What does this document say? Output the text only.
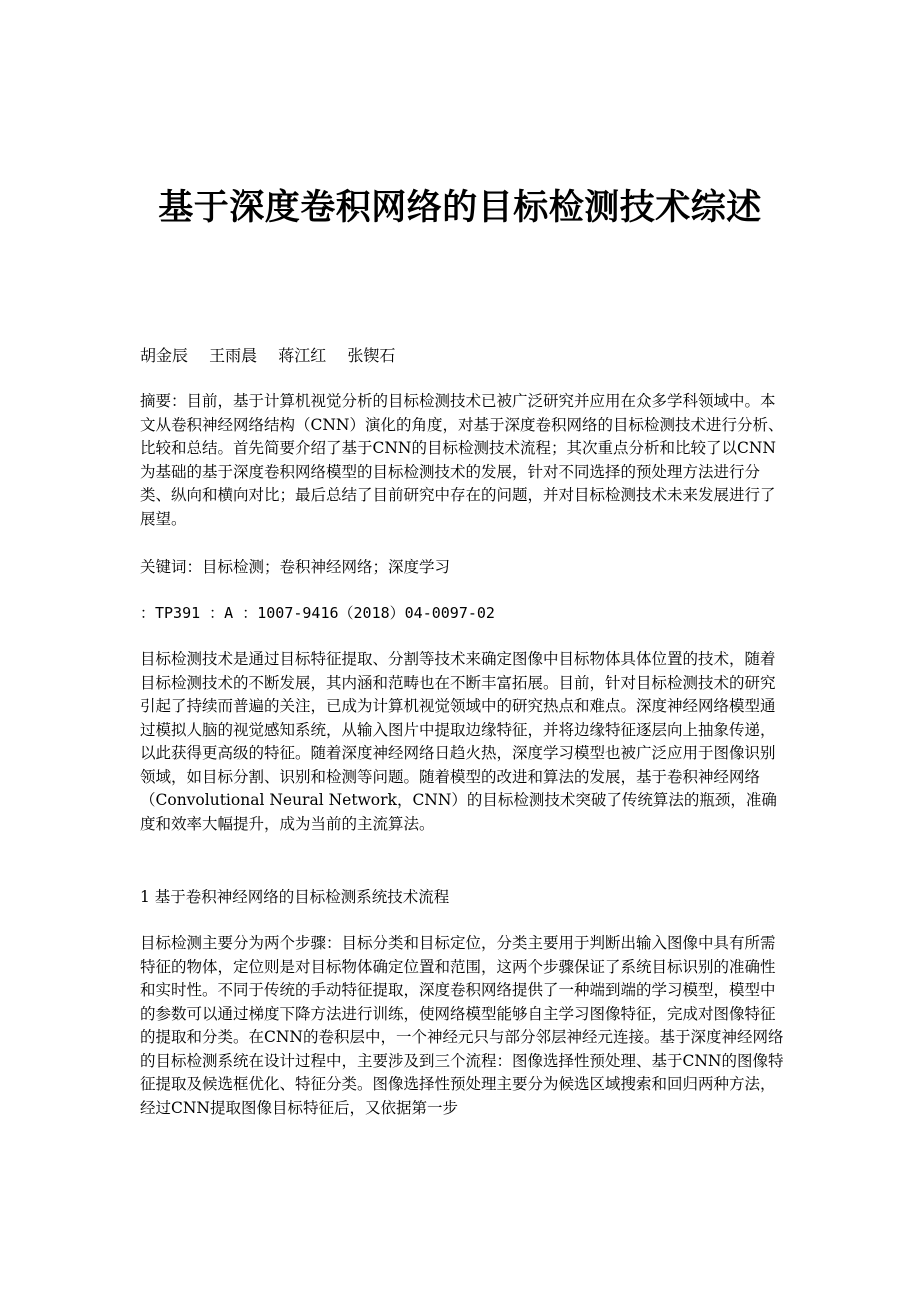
基于深度卷积网络的目标检测技术综述

胡金辰 王雨晨 蒋江红 张锲石

摘要：目前，基于计算机视觉分析的目标检测技术已被广泛研究并应用在众多学科领域中。本文从卷积神经网络结构（CNN）演化的角度，对基于深度卷积网络的目标检测技术进行分析、比较和总结。首先简要介绍了基于CNN的目标检测技术流程；其次重点分析和比较了以CNN为基础的基于深度卷积网络模型的目标检测技术的发展，针对不同选择的预处理方法进行分类、纵向和横向对比；最后总结了目前研究中存在的问题，并对目标检测技术未来发展进行了展望。

关键词：目标检测；卷积神经网络；深度学习

：TP391 ：A ：1007-9416（2018）04-0097-02

目标检测技术是通过目标特征提取、分割等技术来确定图像中目标物体具体位置的技术，随着目标检测技术的不断发展，其内涵和范畴也在不断丰富拓展。目前，针对目标检测技术的研究引起了持续而普遍的关注，已成为计算机视觉领域中的研究热点和难点。深度神经网络模型通过模拟人脑的视觉感知系统，从输入图片中提取边缘特征，并将边缘特征逐层向上抽象传递，以此获得更高级的特征。随着深度神经网络日趋火热，深度学习模型也被广泛应用于图像识别领域，如目标分割、识别和检测等问题。随着模型的改进和算法的发展，基于卷积神经网络（Convolutional Neural Network，CNN）的目标检测技术突破了传统算法的瓶颈，准确度和效率大幅提升，成为当前的主流算法。

1 基于卷积神经网络的目标检测系统技术流程

目标检测主要分为两个步骤：目标分类和目标定位，分类主要用于判断出输入图像中具有所需特征的物体，定位则是对目标物体确定位置和范围，这两个步骤保证了系统目标识别的准确性和实时性。不同于传统的手动特征提取，深度卷积网络提供了一种端到端的学习模型，模型中的参数可以通过梯度下降方法进行训练，使网络模型能够自主学习图像特征，完成对图像特征的提取和分类。在CNN的卷积层中，一个神经元只与部分邻层神经元连接。基于深度神经网络的目标检测系统在设计过程中，主要涉及到三个流程：图像选择性预处理、基于CNN的图像特征提取及候选框优化、特征分类。图像选择性预处理主要分为候选区域搜索和回归两种方法，经过CNN提取图像目标特征后，又依据第一步
